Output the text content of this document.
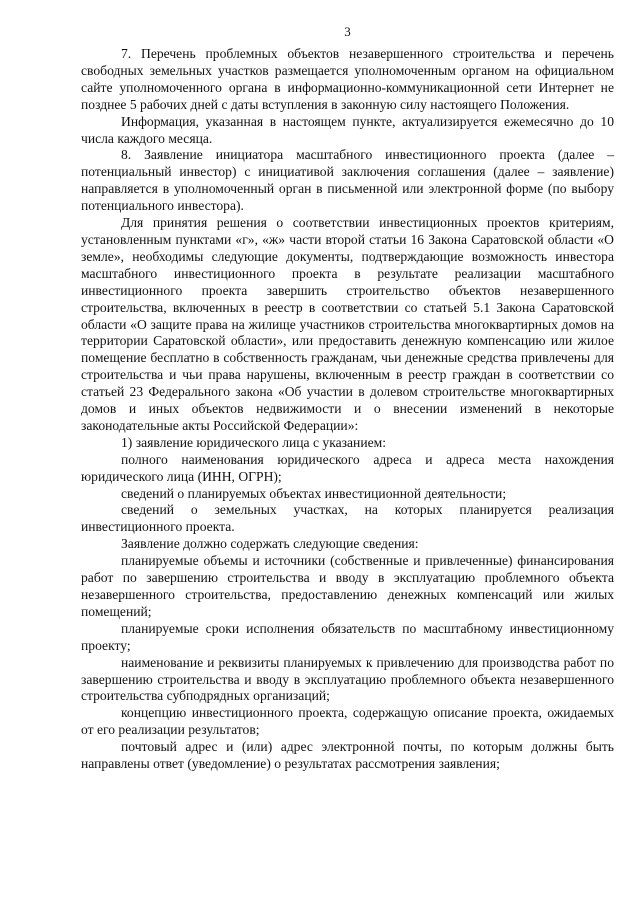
3

7. Перечень проблемных объектов незавершенного строительства и перечень свободных земельных участков размещается уполномоченным органом на официальном сайте уполномоченного органа в информационно-коммуникационной сети Интернет не позднее 5 рабочих дней с даты вступления в законную силу настоящего Положения.

Информация, указанная в настоящем пункте, актуализируется ежемесячно до 10 числа каждого месяца.

8. Заявление инициатора масштабного инвестиционного проекта (далее – потенциальный инвестор) с инициативой заключения соглашения (далее – заявление) направляется в уполномоченный орган в письменной или электронной форме (по выбору потенциального инвестора).

Для принятия решения о соответствии инвестиционных проектов критериям, установленным пунктами «г», «ж» части второй статьи 16 Закона Саратовской области «О земле», необходимы следующие документы, подтверждающие возможность инвестора масштабного инвестиционного проекта в результате реализации масштабного инвестиционного проекта завершить строительство объектов незавершенного строительства, включенных в реестр в соответствии со статьей 5.1 Закона Саратовской области «О защите права на жилище участников строительства многоквартирных домов на территории Саратовской области», или предоставить денежную компенсацию или жилое помещение бесплатно в собственность гражданам, чьи денежные средства привлечены для строительства и чьи права нарушены, включенным в реестр граждан в соответствии со статьей 23 Федерального закона «Об участии в долевом строительстве многоквартирных домов и иных объектов недвижимости и о внесении изменений в некоторые законодательные акты Российской Федерации»:

1) заявление юридического лица с указанием:

полного наименования юридического адреса и адреса места нахождения юридического лица (ИНН, ОГРН);

сведений о планируемых объектах инвестиционной деятельности;

сведений о земельных участках, на которых планируется реализация инвестиционного проекта.

Заявление должно содержать следующие сведения:

планируемые объемы и источники (собственные и привлеченные) финансирования работ по завершению строительства и вводу в эксплуатацию проблемного объекта незавершенного строительства, предоставлению денежных компенсаций или жилых помещений;

планируемые сроки исполнения обязательств по масштабному инвестиционному проекту;

наименование и реквизиты планируемых к привлечению для производства работ по завершению строительства и вводу в эксплуатацию проблемного объекта незавершенного строительства субподрядных организаций;

концепцию инвестиционного проекта, содержащую описание проекта, ожидаемых от его реализации результатов;

почтовый адрес и (или) адрес электронной почты, по которым должны быть направлены ответ (уведомление) о результатах рассмотрения заявления;
